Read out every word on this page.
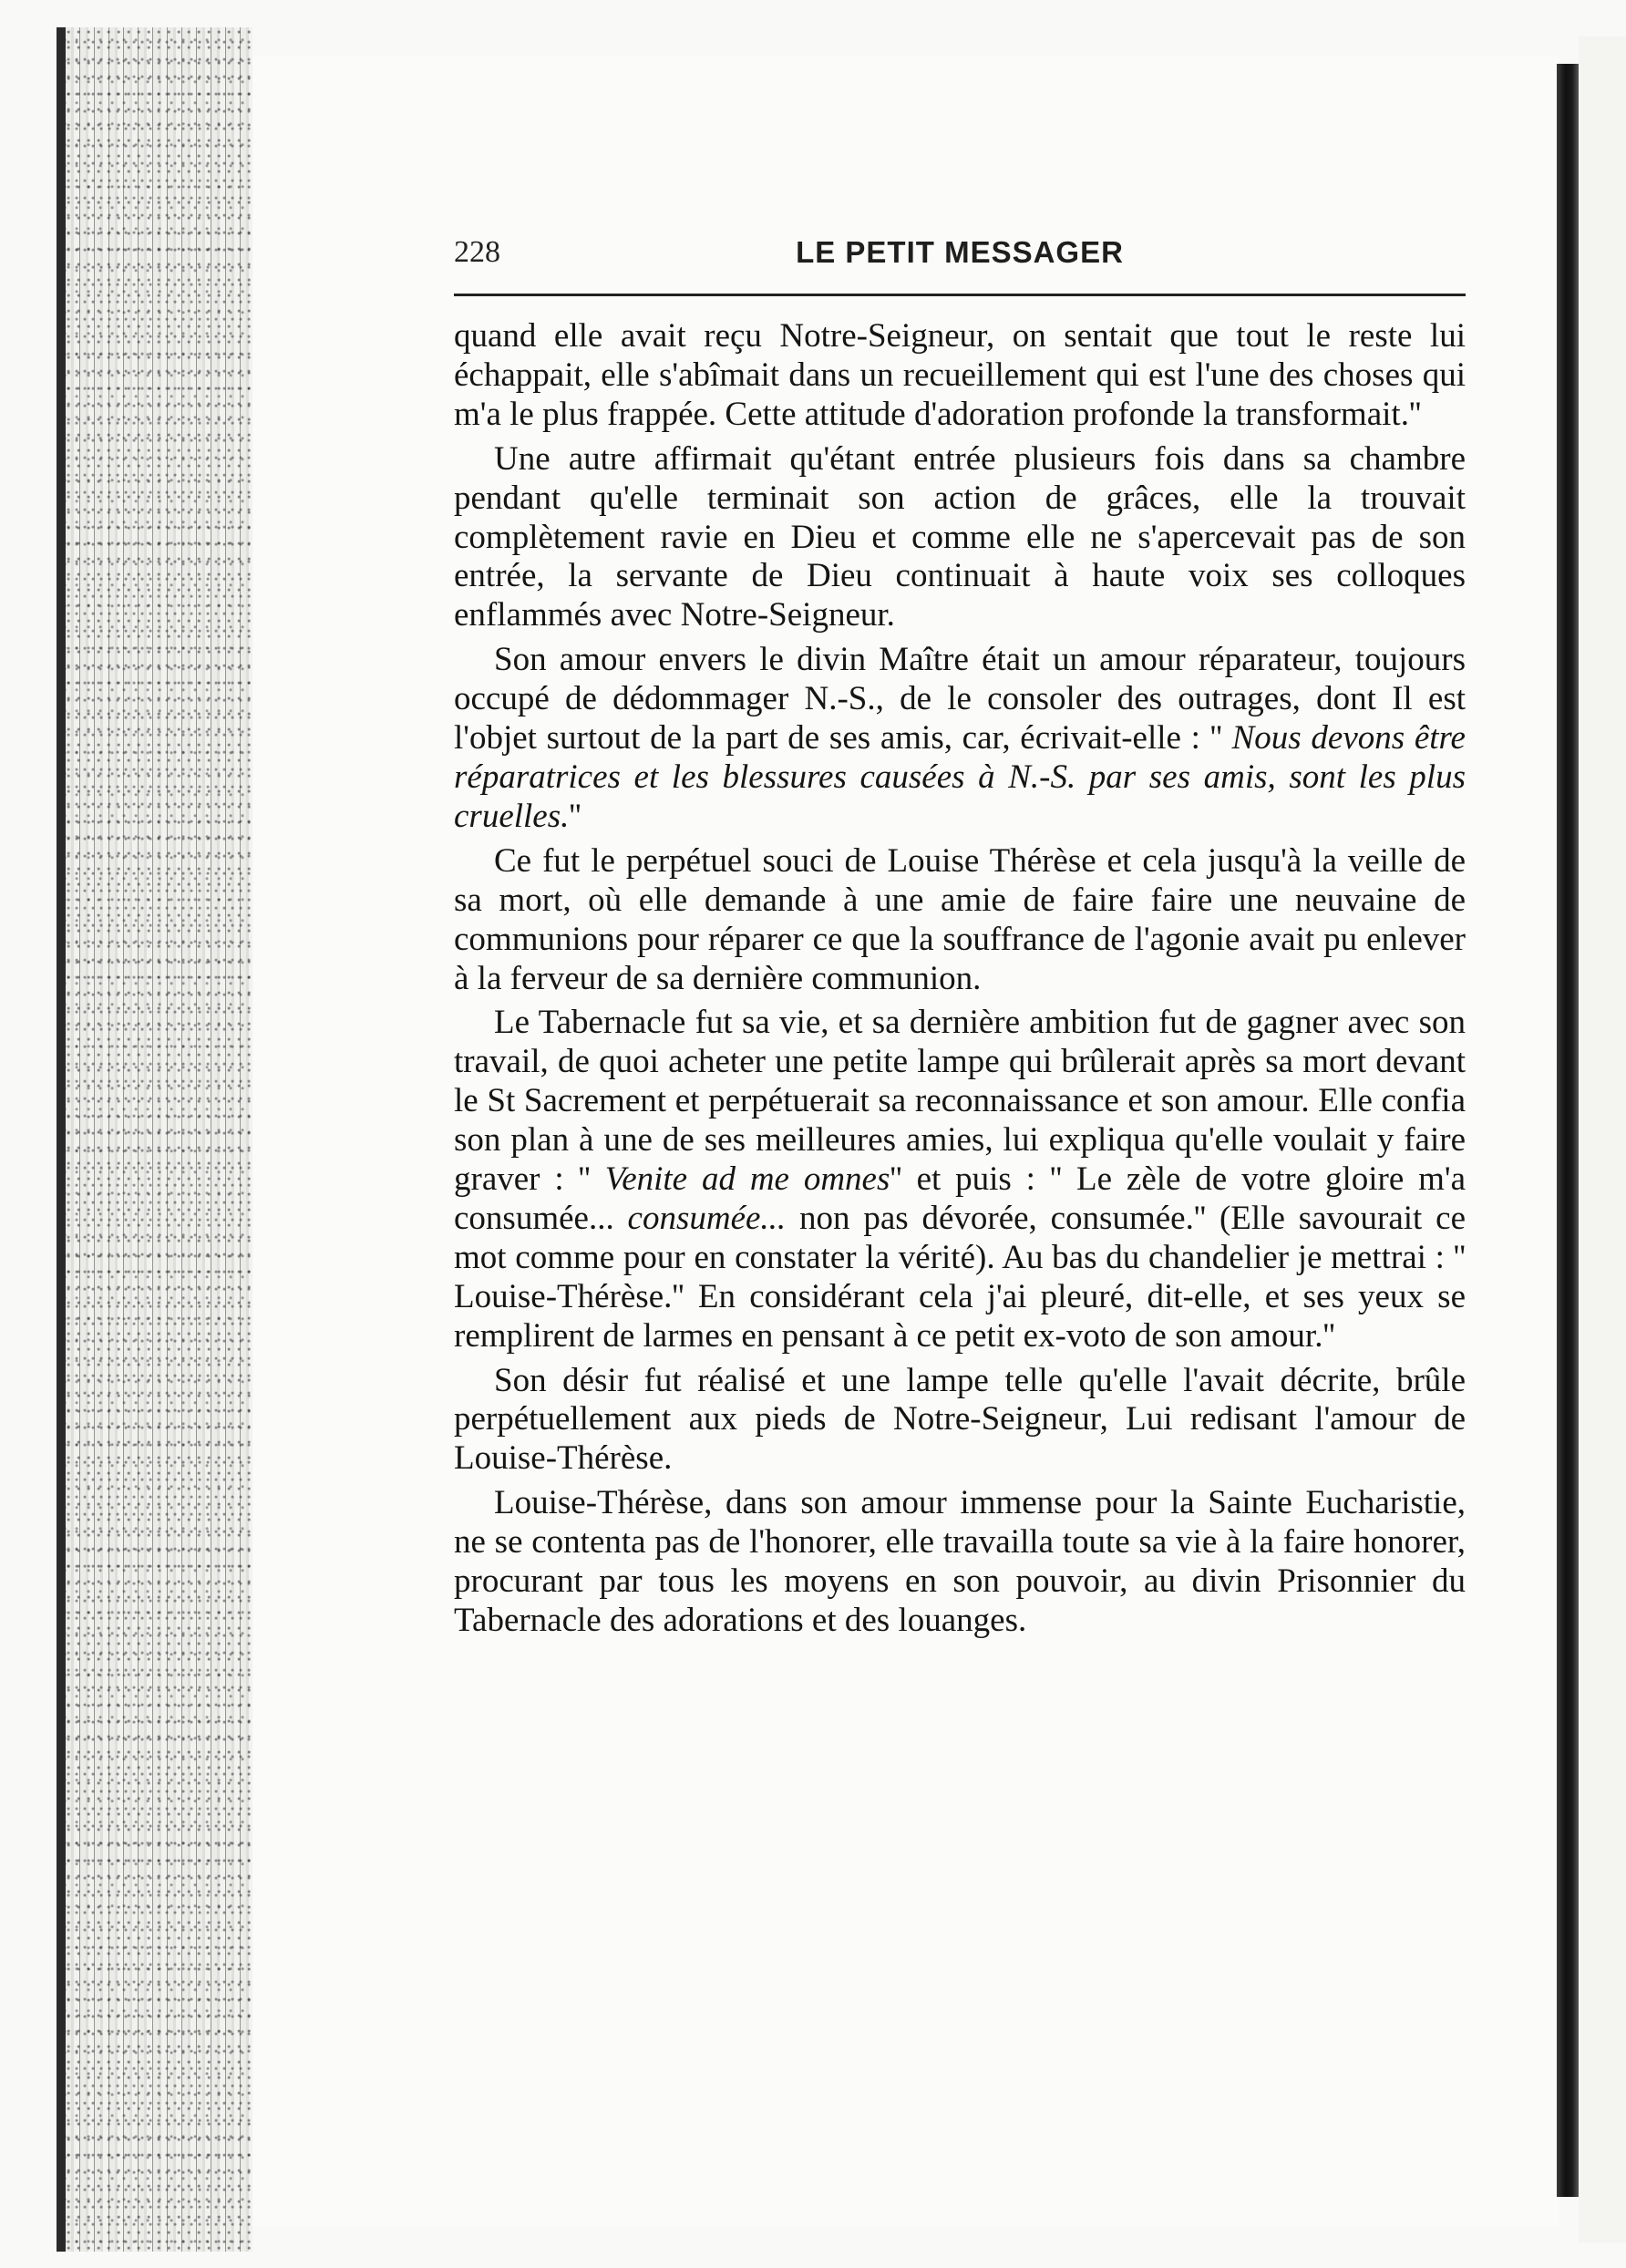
228	LE PETIT MESSAGER

quand elle avait reçu Notre-Seigneur, on sentait que tout le reste lui échappait, elle s'abîmait dans un recueillement qui est l'une des choses qui m'a le plus frappée. Cette attitude d'adoration profonde la transformait.''

Une autre affirmait qu'étant entrée plusieurs fois dans sa chambre pendant qu'elle terminait son action de grâces, elle la trouvait complètement ravie en Dieu et comme elle ne s'apercevait pas de son entrée, la servante de Dieu continuait à haute voix ses colloques enflammés avec Notre-Seigneur.

Son amour envers le divin Maître était un amour réparateur, toujours occupé de dédommager N.-S., de le consoler des outrages, dont Il est l'objet surtout de la part de ses amis, car, écrivait-elle : '' Nous devons être réparatrices et les blessures causées à N.-S. par ses amis, sont les plus cruelles.''

Ce fut le perpétuel souci de Louise Thérèse et cela jusqu'à la veille de sa mort, où elle demande à une amie de faire faire une neuvaine de communions pour réparer ce que la souffrance de l'agonie avait pu enlever à la ferveur de sa dernière communion.

Le Tabernacle fut sa vie, et sa dernière ambition fut de gagner avec son travail, de quoi acheter une petite lampe qui brûlerait après sa mort devant le St Sacrement et perpétuerait sa reconnaissance et son amour. Elle confia son plan à une de ses meilleures amies, lui expliqua qu'elle voulait y faire graver : '' Venite ad me omnes'' et puis : '' Le zèle de votre gloire m'a consumée... consumée... non pas dévorée, consumée.'' (Elle savourait ce mot comme pour en constater la vérité). Au bas du chandelier je mettrai : '' Louise-Thérèse.'' En considérant cela j'ai pleuré, dit-elle, et ses yeux se remplirent de larmes en pensant à ce petit ex-voto de son amour.''

Son désir fut réalisé et une lampe telle qu'elle l'avait décrite, brûle perpétuellement aux pieds de Notre-Seigneur, Lui redisant l'amour de Louise-Thérèse.

Louise-Thérèse, dans son amour immense pour la Sainte Eucharistie, ne se contenta pas de l'honorer, elle travailla toute sa vie à la faire honorer, procurant par tous les moyens en son pouvoir, au divin Prisonnier du Tabernacle des adorations et des louanges.
